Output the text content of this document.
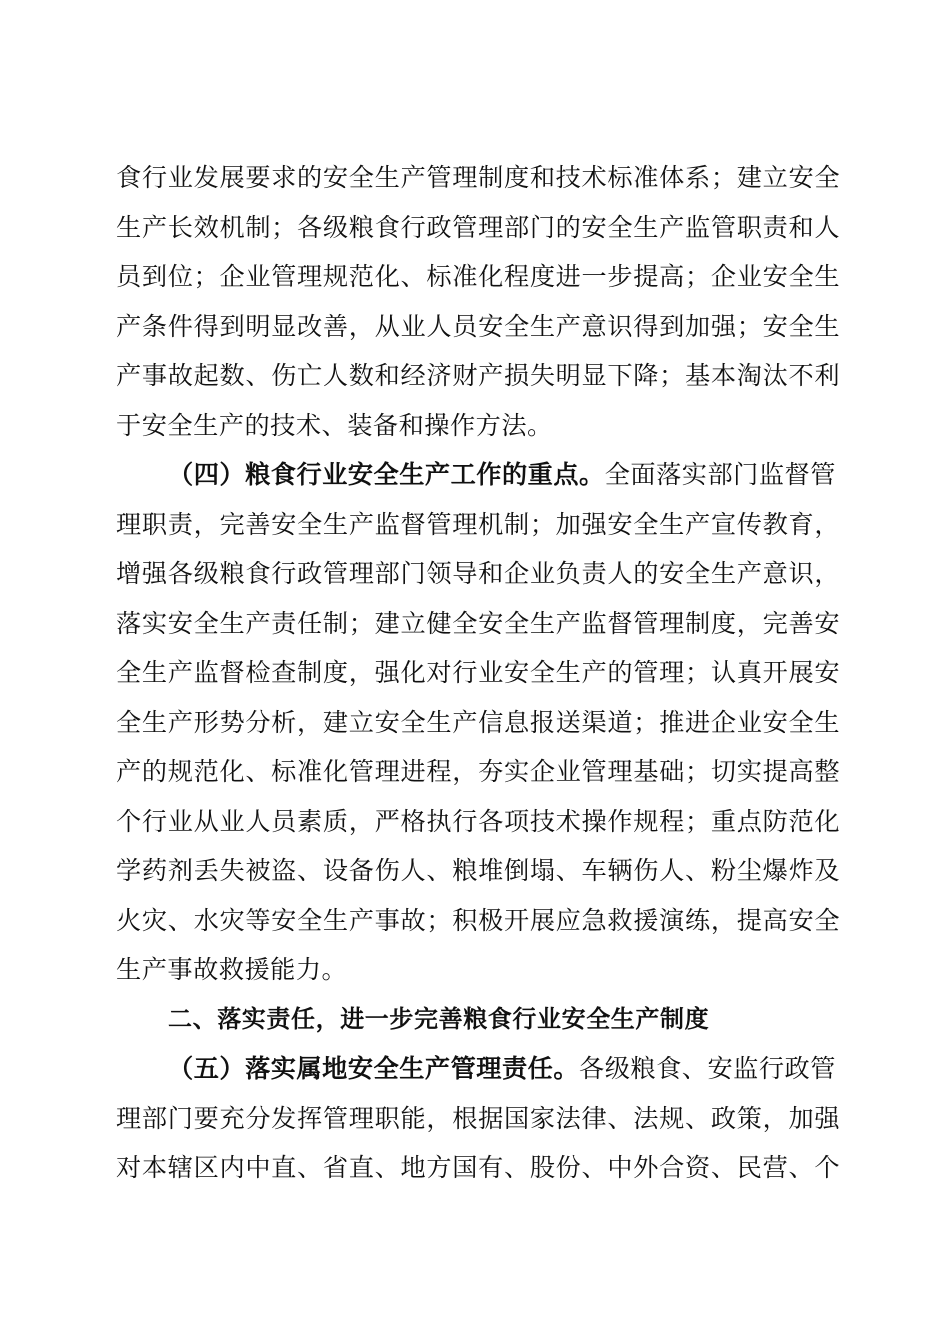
食行业发展要求的安全生产管理制度和技术标准体系；建立安全
生产长效机制；各级粮食行政管理部门的安全生产监管职责和人
员到位；企业管理规范化、标准化程度进一步提高；企业安全生
产条件得到明显改善，从业人员安全生产意识得到加强；安全生
产事故起数、伤亡人数和经济财产损失明显下降；基本淘汰不利
于安全生产的技术、装备和操作方法。
（四）粮食行业安全生产工作的重点。全面落实部门监督管
理职责，完善安全生产监督管理机制；加强安全生产宣传教育，
增强各级粮食行政管理部门领导和企业负责人的安全生产意识，
落实安全生产责任制；建立健全安全生产监督管理制度，完善安
全生产监督检查制度，强化对行业安全生产的管理；认真开展安
全生产形势分析，建立安全生产信息报送渠道；推进企业安全生
产的规范化、标准化管理进程，夯实企业管理基础；切实提高整
个行业从业人员素质，严格执行各项技术操作规程；重点防范化
学药剂丢失被盗、设备伤人、粮堆倒塌、车辆伤人、粉尘爆炸及
火灾、水灾等安全生产事故；积极开展应急救援演练，提高安全
生产事故救援能力。
二、落实责任，进一步完善粮食行业安全生产制度
（五）落实属地安全生产管理责任。各级粮食、安监行政管
理部门要充分发挥管理职能，根据国家法律、法规、政策，加强
对本辖区内中直、省直、地方国有、股份、中外合资、民营、个
